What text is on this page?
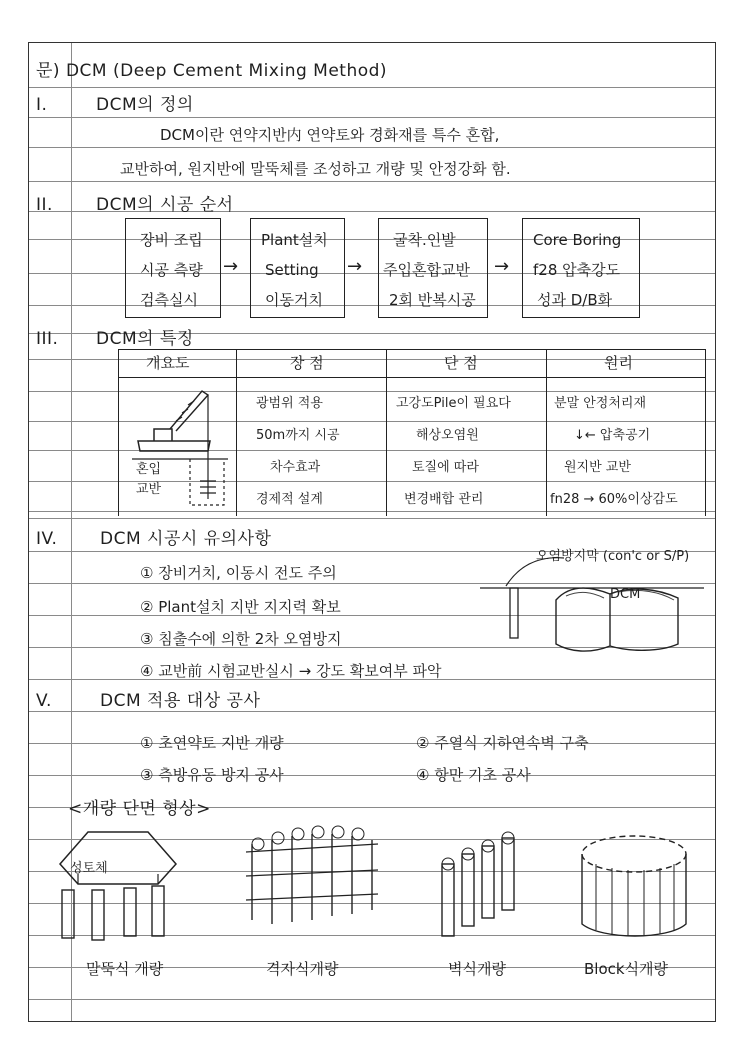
문) DCM (Deep Cement Mixing Method)
I.	DCM의 정의
DCM이란 연약지반内 연약토와 경화재를 특수 혼합,
교반하여, 원지반에 말뚝체를 조성하고 개량 및 안정강화 함.
II.	DCM의 시공 순서
장비 조립
시공 측량
검측실시
→
Plant설치
Setting
이동거치
→
굴착.인발
주입혼합교반
2회 반복시공
→
Core Boring
f28 압축강도
성과 D/B화
III. DCM의 특징
개요도	장 점	단 점	원리
광범위 적용	고강도Pile이 필요다	분말 안정처리재
50m까지 시공	해상오염원	↓← 압축공기
차수효과	토질에 따라	원지반 교반
경제적 설계	변경배합 관리	fn28 → 60%이상감도
혼입
교반
IV.	DCM 시공시 유의사항
① 장비거치, 이동시 전도 주의
② Plant설치 지반 지지력 확보
③ 침출수에 의한 2차 오염방지
④ 교반前 시험교반실시 → 강도 확보여부 파악
오염방지막 (con'c or S/P)
DCM
V.	DCM 적용 대상 공사
① 초연약토 지반 개량	② 주열식 지하연속벽 구축
③ 측방유동 방지 공사	④ 항만 기초 공사
<개량 단면 형상>
성토체
말뚝식 개량	격자식개량	벽식개량	Block식개량
